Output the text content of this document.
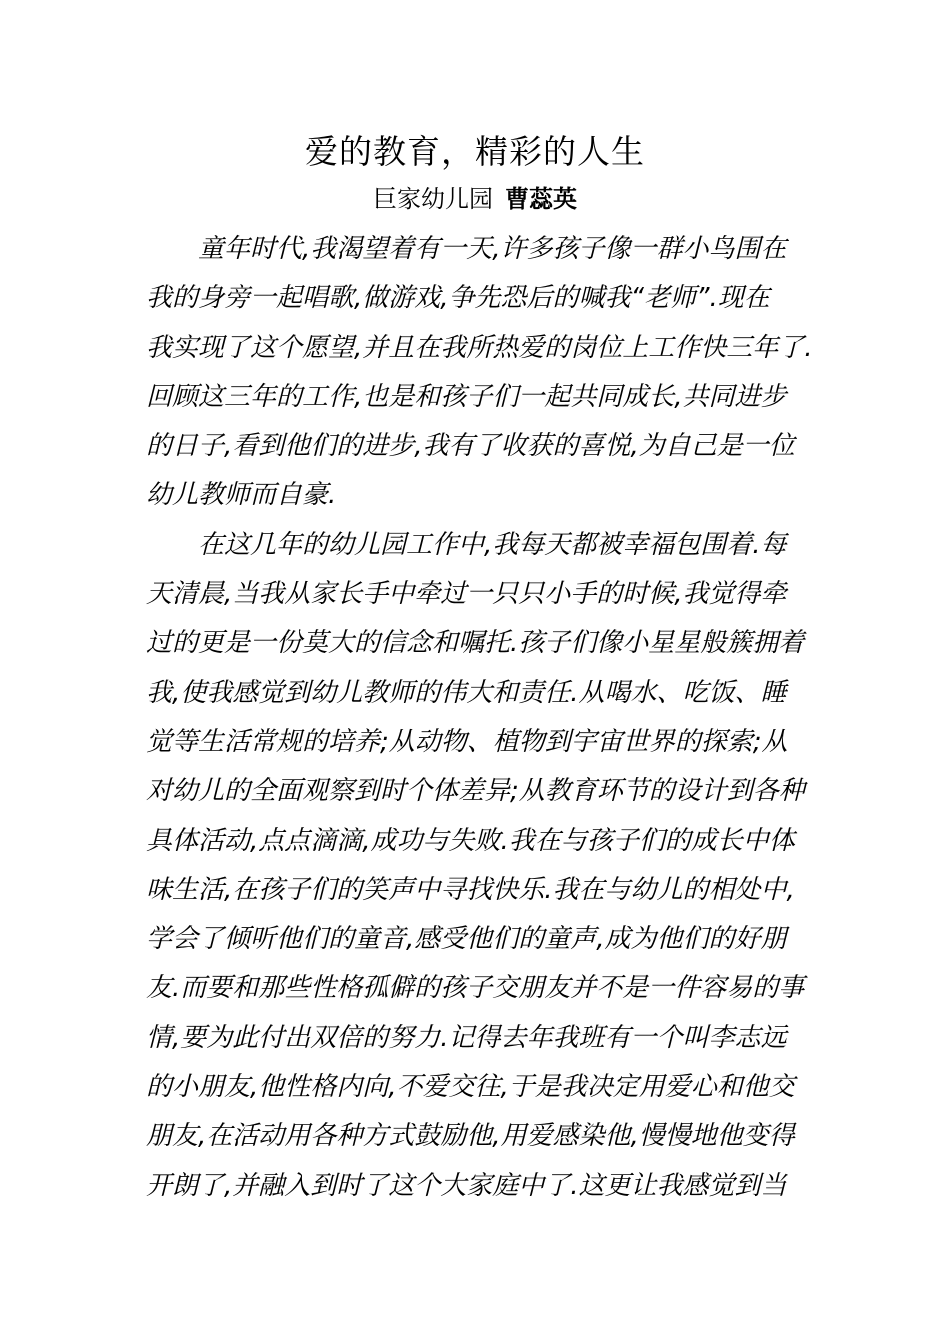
爱的教育，精彩的人生
巨家幼儿园 曹蕊英
童年时代,我渴望着有一天,许多孩子像一群小鸟围在
我的身旁一起唱歌,做游戏,争先恐后的喊我“老师”.现在
我实现了这个愿望,并且在我所热爱的岗位上工作快三年了.
回顾这三年的工作,也是和孩子们一起共同成长,共同进步
的日子,看到他们的进步,我有了收获的喜悦,为自己是一位
幼儿教师而自豪.
在这几年的幼儿园工作中,我每天都被幸福包围着.每
天清晨,当我从家长手中牵过一只只小手的时候,我觉得牵
过的更是一份莫大的信念和嘱托.孩子们像小星星般簇拥着
我,使我感觉到幼儿教师的伟大和责任.从喝水、吃饭、睡
觉等生活常规的培养;从动物、植物到宇宙世界的探索;从
对幼儿的全面观察到时个体差异;从教育环节的设计到各种
具体活动,点点滴滴,成功与失败.我在与孩子们的成长中体
味生活,在孩子们的笑声中寻找快乐.我在与幼儿的相处中,
学会了倾听他们的童音,感受他们的童声,成为他们的好朋
友.而要和那些性格孤僻的孩子交朋友并不是一件容易的事
情,要为此付出双倍的努力.记得去年我班有一个叫李志远
的小朋友,他性格内向,不爱交往,于是我决定用爱心和他交
朋友,在活动用各种方式鼓励他,用爱感染他,慢慢地他变得
开朗了,并融入到时了这个大家庭中了.这更让我感觉到当
